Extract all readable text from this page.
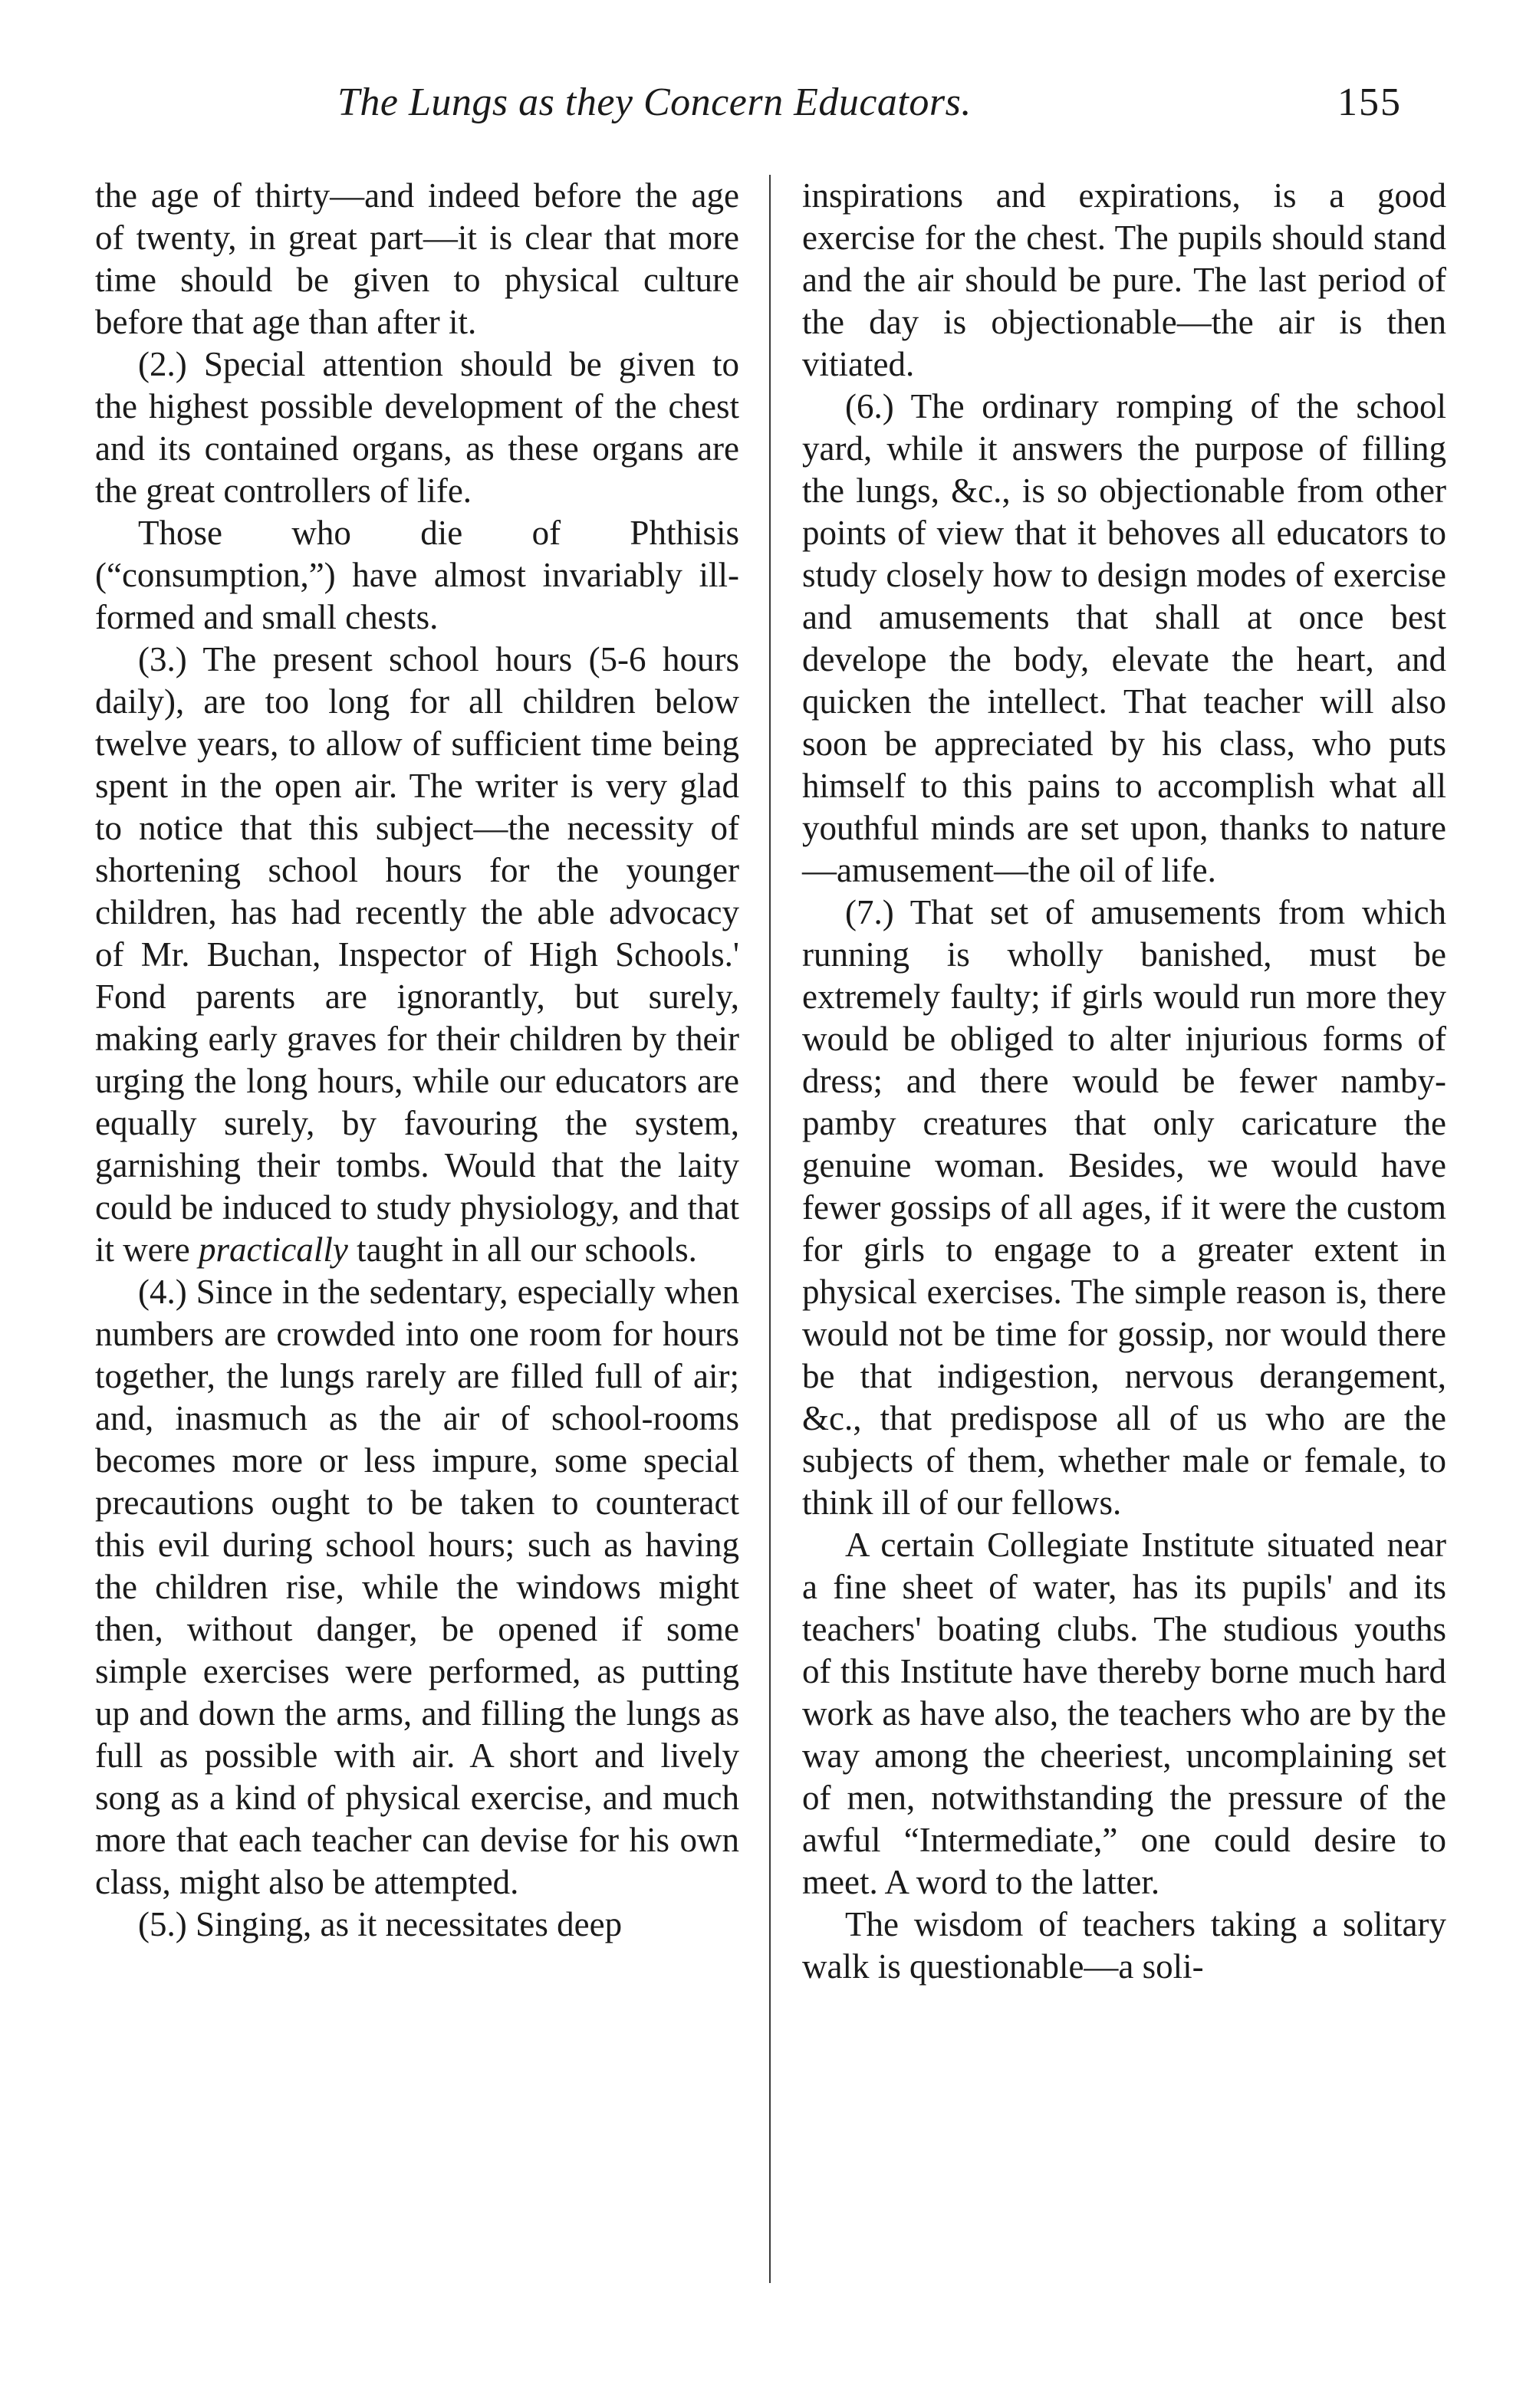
The Lungs as they Concern Educators.	155

the age of thirty—and indeed before the age of twenty, in great part—it is clear that more time should be given to physical culture before that age than after it.

(2.) Special attention should be given to the highest possible development of the chest and its contained organs, as these organs are the great controllers of life.

Those who die of Phthisis (“consumption,”) have almost invariably ill-formed and small chests.

(3.) The present school hours (5-6 hours daily), are too long for all children below twelve years, to allow of sufficient time being spent in the open air. The writer is very glad to notice that this subject—the necessity of shortening school hours for the younger children, has had recently the able advocacy of Mr. Buchan, Inspector of High Schools.' Fond parents are ignorantly, but surely, making early graves for their children by their urging the long hours, while our educators are equally surely, by favouring the system, garnishing their tombs. Would that the laity could be induced to study physiology, and that it were practically taught in all our schools.

(4.) Since in the sedentary, especially when numbers are crowded into one room for hours together, the lungs rarely are filled full of air; and, inasmuch as the air of school-rooms becomes more or less impure, some special precautions ought to be taken to counteract this evil during school hours; such as having the children rise, while the windows might then, without danger, be opened if some simple exercises were performed, as putting up and down the arms, and filling the lungs as full as possible with air. A short and lively song as a kind of physical exercise, and much more that each teacher can devise for his own class, might also be attempted.

(5.) Singing, as it necessitates deep

inspirations and expirations, is a good exercise for the chest. The pupils should stand and the air should be pure. The last period of the day is objectionable—the air is then vitiated.

(6.) The ordinary romping of the school yard, while it answers the purpose of filling the lungs, &c., is so objectionable from other points of view that it behoves all educators to study closely how to design modes of exercise and amusements that shall at once best develope the body, elevate the heart, and quicken the intellect. That teacher will also soon be appreciated by his class, who puts himself to this pains to accomplish what all youthful minds are set upon, thanks to nature—amusement—the oil of life.

(7.) That set of amusements from which running is wholly banished, must be extremely faulty; if girls would run more they would be obliged to alter injurious forms of dress; and there would be fewer namby-pamby creatures that only caricature the genuine woman. Besides, we would have fewer gossips of all ages, if it were the custom for girls to engage to a greater extent in physical exercises. The simple reason is, there would not be time for gossip, nor would there be that indigestion, nervous derangement, &c., that predispose all of us who are the subjects of them, whether male or female, to think ill of our fellows.

A certain Collegiate Institute situated near a fine sheet of water, has its pupils' and its teachers' boating clubs. The studious youths of this Institute have thereby borne much hard work as have also, the teachers who are by the way among the cheeriest, uncomplaining set of men, notwithstanding the pressure of the awful “Intermediate,” one could desire to meet. A word to the latter.

The wisdom of teachers taking a solitary walk is questionable—a soli-
